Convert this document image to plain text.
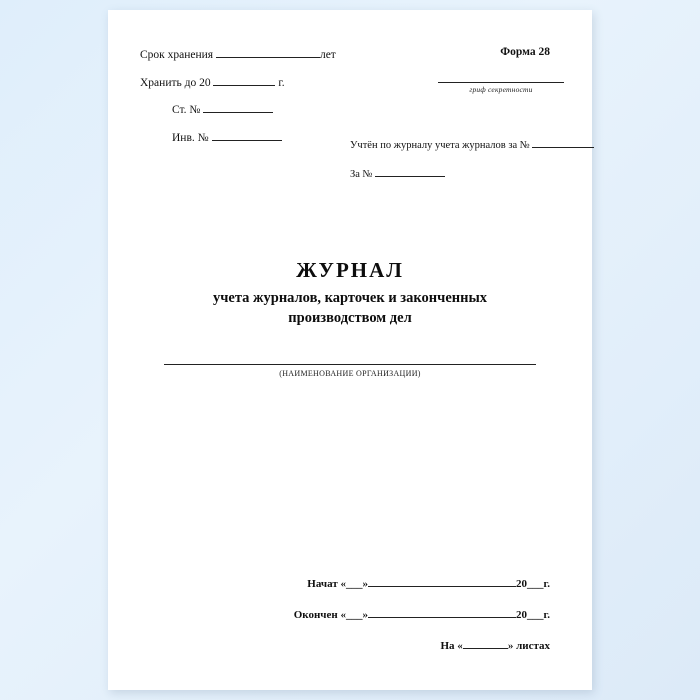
Срок хранения	лет
Хранить до 20	г.
Ст. №
Инв. №
Форма 28
гриф секретности
Учтён по журналу учета журналов за №
За №
ЖУРНАЛ
учета журналов, карточек и законченных
производством дел
(НАИМЕНОВАНИЕ ОРГАНИЗАЦИИ)
Начат «___»	20___г.
Окончен «___»	20___г.
На «	» листах
